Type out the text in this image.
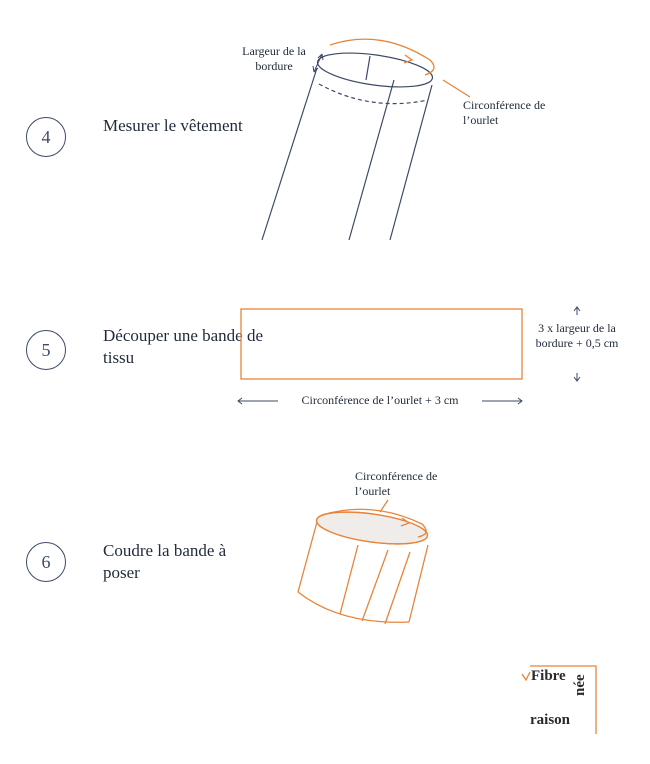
4
5
6
Mesurer le vêtement
Découper une bande de tissu
Coudre la bande à poser
Largeur de la bordure
Circonférence de l’ourlet
3 x largeur de la bordure + 0,5 cm
Circonférence de l’ourlet + 3 cm
Circonférence de l’ourlet
Fibre
raison
née
